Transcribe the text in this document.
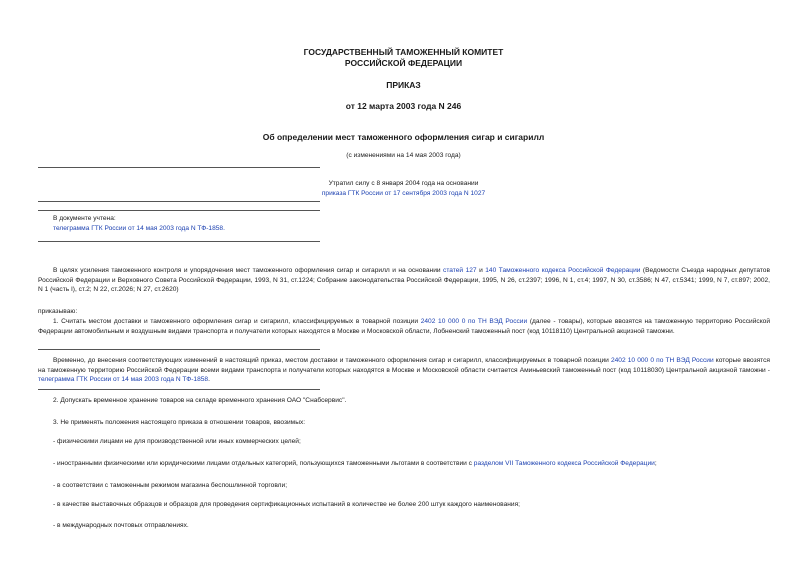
ГОСУДАРСТВЕННЫЙ ТАМОЖЕННЫЙ КОМИТЕТ
РОССИЙСКОЙ ФЕДЕРАЦИИ
ПРИКАЗ
от 12 марта 2003 года N 246
Об определении мест таможенного оформления сигар и сигарилл
(с изменениями на 14 мая 2003 года)
Утратил силу с 8 января 2004 года на основании
приказа ГТК России от 17 сентября 2003 года N 1027
В документе учтена:
телеграмма ГТК России от 14 мая 2003 года N ТФ-1858.
В целях усиления таможенного контроля и упорядочения мест таможенного оформления сигар и сигарилл и на основании статей 127 и 140 Таможенного кодекса Российской Федерации (Ведомости Съезда народных депутатов Российской Федерации и Верховного Совета Российской Федерации, 1993, N 31, ст.1224; Собрание законодательства Российской Федерации, 1995, N 26, ст.2397; 1996, N 1, ст.4; 1997, N 30, ст.3586; N 47, ст.5341; 1999, N 7, ст.897; 2002, N 1 (часть I), ст.2; N 22, ст.2026; N 27, ст.2620)
приказываю:
1. Считать местом доставки и таможенного оформления сигар и сигарилл, классифицируемых в товарной позиции 2402 10 000 0 по ТН ВЭД России (далее - товары), которые ввозятся на таможенную территорию Российской Федерации автомобильным и воздушным видами транспорта и получатели которых находятся в Москве и Московской области, Лобненский таможенный пост (код 10118110) Центральной акцизной таможни.
Временно, до внесения соответствующих изменений в настоящий приказ, местом доставки и таможенного оформления сигар и сигарилл, классифицируемых в товарной позиции 2402 10 000 0 по ТН ВЭД России которые ввозятся на таможенную территорию Российской Федерации всеми видами транспорта и получатели которых находятся в Москве и Московской области считается Аминьевский таможенный пост (код 10118030) Центральной акцизной таможни - телеграмма ГТК России от 14 мая 2003 года N ТФ-1858.
2. Допускать временное хранение товаров на складе временного хранения ОАО "Снабсервис".
3. Не применять положения настоящего приказа в отношении товаров, ввозимых:
- физическими лицами не для производственной или иных коммерческих целей;
- иностранными физическими или юридическими лицами отдельных категорий, пользующихся таможенными льготами в соответствии с разделом VII Таможенного кодекса Российской Федерации;
- в соответствии с таможенным режимом магазина беспошлинной торговли;
- в качестве выставочных образцов и образцов для проведения сертификационных испытаний в количестве не более 200 штук каждого наименования;
- в международных почтовых отправлениях.
